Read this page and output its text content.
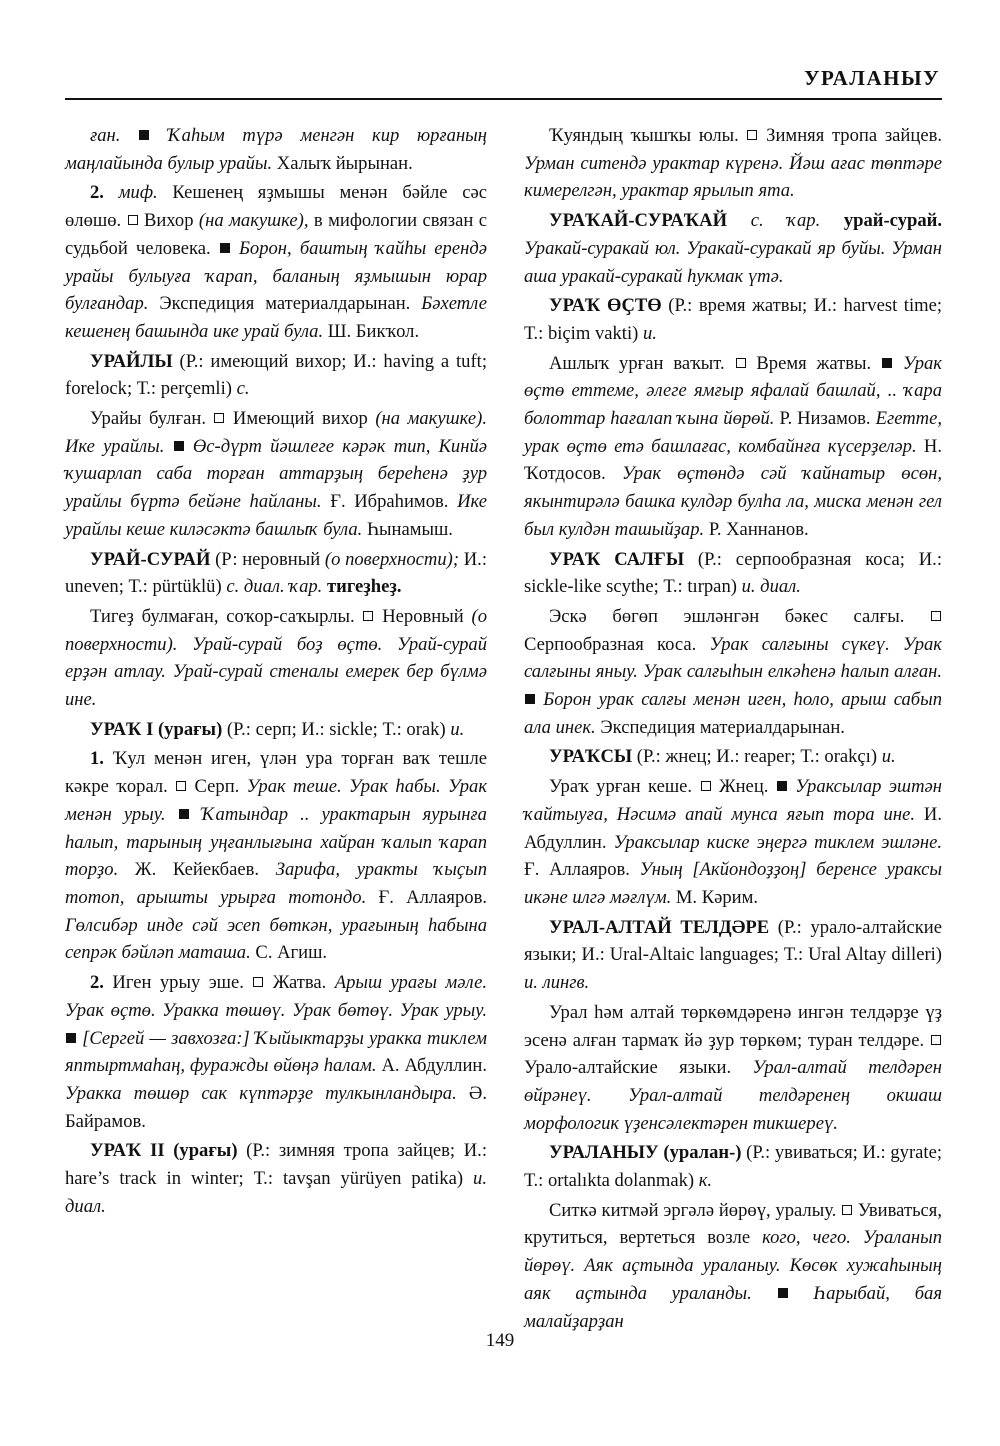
УРАЛАНЫУ

ған.  Ҡаһым түрә менгән кир юрғаның маңлайында булыр урайы. Халыҡ йырынан.

2. миф. Кешенең яҙмышы менән бәйле сәс өлөшө.  Вихор (на макушке), в мифологии связан с судьбой человека.  Борон, баштың ҡайһы ерендә урайы булыуға ҡарап, баланың яҙмышын юрар булғандар. Экспедиция материалдарынан. Бәхетле кешенең башында ике урай була. Ш. Бикҡол.

УРАЙЛЫ (Р.: имеющий вихор; И.: having a tuft; forelock; Т.: perçemli) с.

Урайы булған.  Имеющий вихор (на макушке). Ике урайлы.  Өс-дүрт йәшлеге кәрәк тип, Кинйә ҡушарлап саба торған аттарҙың береһенә ҙур урайлы бүртә бейәне һайланы. Ғ. Ибраһимов. Ике урайлы кеше киләсәктә башлыҡ була. Һынамыш.

УРАЙ-СУРАЙ (Р: неровный (о поверхности); И.: uneven; Т.: pürtüklü) с. диал. ҡар. тигеҙһеҙ.

Тигеҙ булмаған, соҡор-саҡырлы.  Неровный (о поверхности). Урай-сурай боҙ өҫтө. Урай-сурай ерҙән атлау. Урай-сурай стеналы емерек бер бүлмә ине.

УРАҠ I (урағы) (Р.: серп; И.: sickle; Т.: orak) и.

1. Ҡул менән иген, үлән ура торған ваҡ тешле кәкре ҡорал.  Серп. Урак теше. Урак һабы. Урак менән урыу.  Ҡатындар .. урактарын яурынға һалып, тарының уңғанлығына хайран ҡалып ҡарап торҙо. Ж. Кейекбаев. Зарифа, уракты ҡыҫып тотоп, арышты урырға тотондо. Ғ. Аллаяров. Гөлсибәр инде сәй эсеп бөткән, урағының һабына сепрәк бәйләп маташа. С. Агиш.

2. Иген урыу эше.  Жатва. Арыш урағы мәле. Урак өҫтө. Уракка төшөү. Урак бөтөү. Урак урыу.  [Сергей — завхозға:] Ҡыйыктарҙы уракка тиклем яптыртмаһаң, фуражды өйөңә һалам. А. Абдуллин. Уракка төшөр сак күптәрҙе тулкынландыра. Ә. Байрамов.

УРАҠ II (урағы) (Р.: зимняя тропа зайцев; И.: hare’s track in winter; Т.: tavşan yürüyen patika) и. диал.

Ҡуяндың ҡышҡы юлы.  Зимняя тропа зайцев. Урман ситендә урактар күренә. Йәш ағас төптәре кимерелгән, урактар ярылып ята.

УРАҠАЙ-СУРАҠАЙ с. ҡар. урай-сурай. Уракай-суракай юл. Уракай-суракай яр буйы. Урман аша уракай-суракай һукмак үтә.

УРАҠ ӨҪТӨ (Р.: время жатвы; И.: harvest time; Т.: biçim vakti) и.

Ашлыҡ урған ваҡыт.  Время жатвы.  Урак өҫтө еттеме, әлеге ямғыр яфалай башлай, .. ҡара болоттар һағалап ҡына йөрөй. Р. Низамов. Егетте, урак өҫтө етә башлағас, комбайнға күсерҙеләр. Н. Ҡотдосов. Урак өҫтөндә сәй ҡайнатыр өсөн, якынтирәлә башка кулдәр булһа ла, миска менән гел был кулдән ташыйҙар. Р. Ханнанов.

УРАҠ САЛҒЫ (Р.: серпообразная коса; И.: sickle-like scythe; Т.: tırpan) и. диал.

Эскә бөгөп эшләнгән бәкес салғы.  Серпообразная коса. Урак салғыны сүкеү. Урак салғыны яныу. Урак салғыһын елкәһенә һалып алған.  Борон урак салғы менән иген, һоло, арыш сабып ала инек. Экспедиция материалдарынан.

УРАҠСЫ (Р.: жнец; И.: reaper; Т.: orakçı) и.

Ураҡ урған кеше.  Жнец.  Ураксылар эштән ҡайтыуға, Нәсимә апай мунса яғып тора ине. И. Абдуллин. Ураксылар киске эңергә тиклем эшләне. Ғ. Аллаяров. Уның [Акйондоҙҙоң] беренсе ураксы икәне илгә мәғлүм. М. Кәрим.

УРАЛ-АЛТАЙ ТЕЛДӘРЕ (Р.: урало-алтайские языки; И.: Ural-Altaic languages; Т.: Ural Altay dilleri) и. лингв.

Урал һәм алтай төркөмдәренә ингән телдәрҙе үҙ эсенә алған тармаҡ йә ҙур төркөм; туран телдәре.  Урало-алтайские языки. Урал-алтай телдәрен өйрәнеү. Урал-алтай телдәренең окшаш морфологик үҙенсәлектәрен тикшереү.

УРАЛАНЫУ (уралан-) (Р.: увиваться; И.: gyrate; Т.: ortalıkta dolanmak) к.

Ситкә китмәй эргәлә йөрөү, уралыу.  Увиваться, крутиться, вертеться возле кого, чего. Ураланып йөрөү. Аяк аҫтында ураланыу. Көсөк хужаһының аяк аҫтында ураланды.  Һарыбай, бая малайҙарҙан

149
